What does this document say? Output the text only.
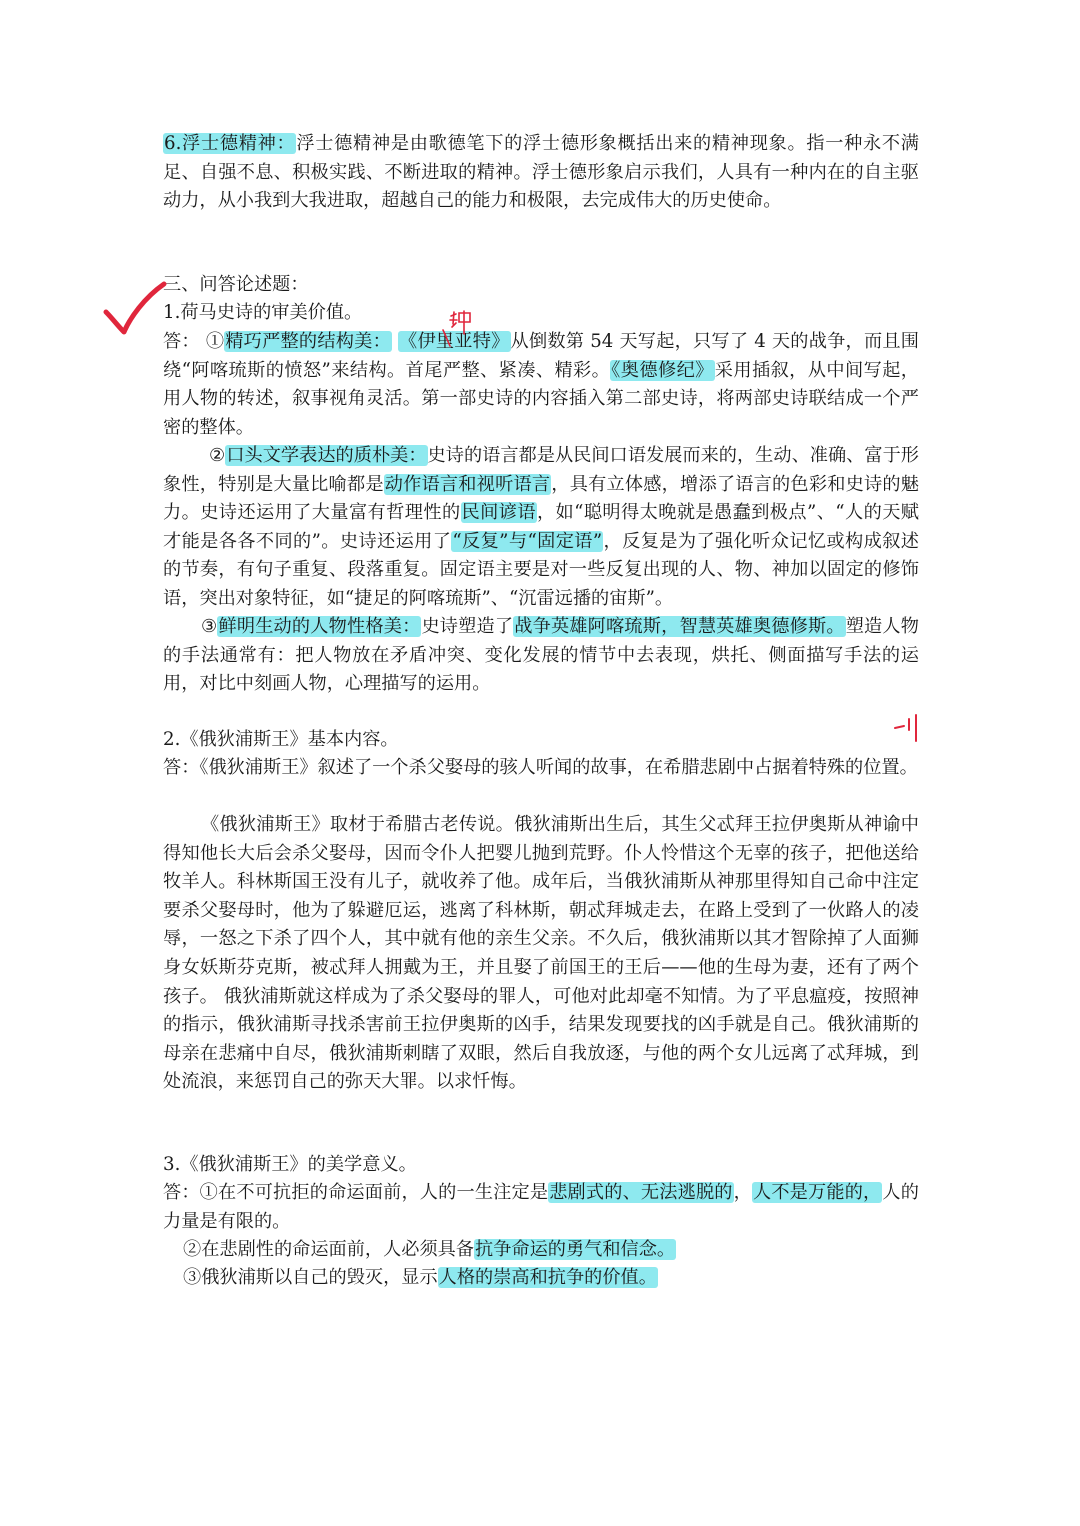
6.浮士德精神：浮士德精神是由歌德笔下的浮士德形象概括出来的精神现象。指一种永不满足、自强不息、积极实践、不断进取的精神。浮士德形象启示我们，人具有一种内在的自主驱动力，从小我到大我进取，超越自己的能力和极限，去完成伟大的历史使命。

三、问答论述题：

1.荷马史诗的审美价值。

答： ①精巧严整的结构美： 《伊里亚特》从倒数第 54 天写起，只写了 4 天的战争，而且围绕“阿喀琉斯的愤怒”来结构。首尾严整、紧凑、精彩。《奥德修纪》采用插叙，从中间写起，用人物的转述，叙事视角灵活。第一部史诗的内容插入第二部史诗，将两部史诗联结成一个严密的整体。

②口头文学表达的质朴美：史诗的语言都是从民间口语发展而来的，生动、准确、富于形象性，特别是大量比喻都是动作语言和视听语言，具有立体感，增添了语言的色彩和史诗的魅力。史诗还运用了大量富有哲理性的民间谚语，如“聪明得太晚就是愚蠢到极点”、“人的天赋才能是各各不同的”。史诗还运用了“反复”与“固定语”，反复是为了强化听众记忆或构成叙述的节奏，有句子重复、段落重复。固定语主要是对一些反复出现的人、物、神加以固定的修饰语，突出对象特征，如“捷足的阿喀琉斯”、“沉雷远播的宙斯”。

③鲜明生动的人物性格美：史诗塑造了战争英雄阿喀琉斯，智慧英雄奥德修斯。塑造人物的手法通常有：把人物放在矛盾冲突、变化发展的情节中去表现，烘托、侧面描写手法的运用，对比中刻画人物，心理描写的运用。

2.《俄狄浦斯王》基本内容。

答：《俄狄浦斯王》叙述了一个杀父娶母的骇人听闻的故事，在希腊悲剧中占据着特殊的位置。

《俄狄浦斯王》取材于希腊古老传说。俄狄浦斯出生后，其生父忒拜王拉伊奥斯从神谕中得知他长大后会杀父娶母，因而令仆人把婴儿抛到荒野。仆人怜惜这个无辜的孩子，把他送给牧羊人。科林斯国王没有儿子，就收养了他。成年后，当俄狄浦斯从神那里得知自己命中注定要杀父娶母时，他为了躲避厄运，逃离了科林斯，朝忒拜城走去，在路上受到了一伙路人的凌辱，一怒之下杀了四个人，其中就有他的亲生父亲。不久后，俄狄浦斯以其才智除掉了人面狮身女妖斯芬克斯，被忒拜人拥戴为王，并且娶了前国王的王后——他的生母为妻，还有了两个孩子。 俄狄浦斯就这样成为了杀父娶母的罪人，可他对此却毫不知情。为了平息瘟疫，按照神的指示，俄狄浦斯寻找杀害前王拉伊奥斯的凶手，结果发现要找的凶手就是自己。俄狄浦斯的母亲在悲痛中自尽，俄狄浦斯刺瞎了双眼，然后自我放逐，与他的两个女儿远离了忒拜城，到处流浪，来惩罚自己的弥天大罪。以求忏悔。

3.《俄狄浦斯王》的美学意义。

答：①在不可抗拒的命运面前，人的一生注定是悲剧式的、无法逃脱的，人不是万能的，人的力量是有限的。

②在悲剧性的命运面前，人必须具备抗争命运的勇气和信念。

③俄狄浦斯以自己的毁灭，显示人格的崇高和抗争的价值。
